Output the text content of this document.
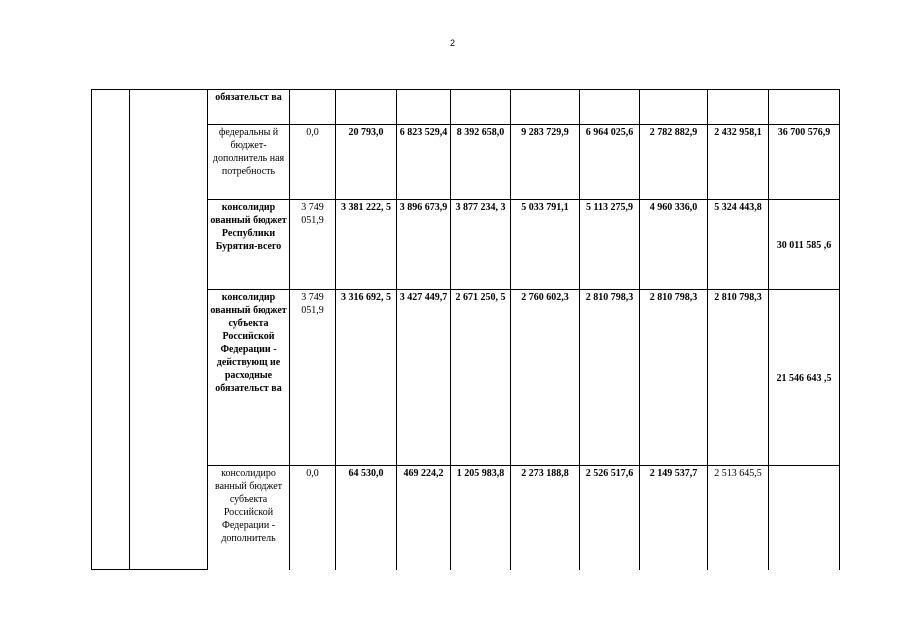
2
		обязательст ва									
		федеральны й бюджет-дополнитель ная потребность	0,0	20 793,0	6 823 529,4	8 392 658,0	9 283 729,9	6 964 025,6	2 782 882,9	2 432 958,1	36 700 576,9
		консолидир ованный бюджет Республики Бурятия-всего	3 749 051,9	3 381 222, 5	3 896 673,9	3 877 234, 3	5 033 791,1	5 113 275,9	4 960 336,0	5 324 443,8	30 011 585 ,6
		консолидир ованный бюджет субъекта Российской Федерации - действующ ие расходные обязательст ва	3 749 051,9	3 316 692, 5	3 427 449,7	2 671 250, 5	2 760 602,3	2 810 798,3	2 810 798,3	2 810 798,3	21 546 643 ,5
		консолидиро ванный бюджет субъекта Российской Федерации - дополнитель	0,0	64 530,0	469 224,2	1 205 983,8	2 273 188,8	2 526 517,6	2 149 537,7	2 513 645,5	
